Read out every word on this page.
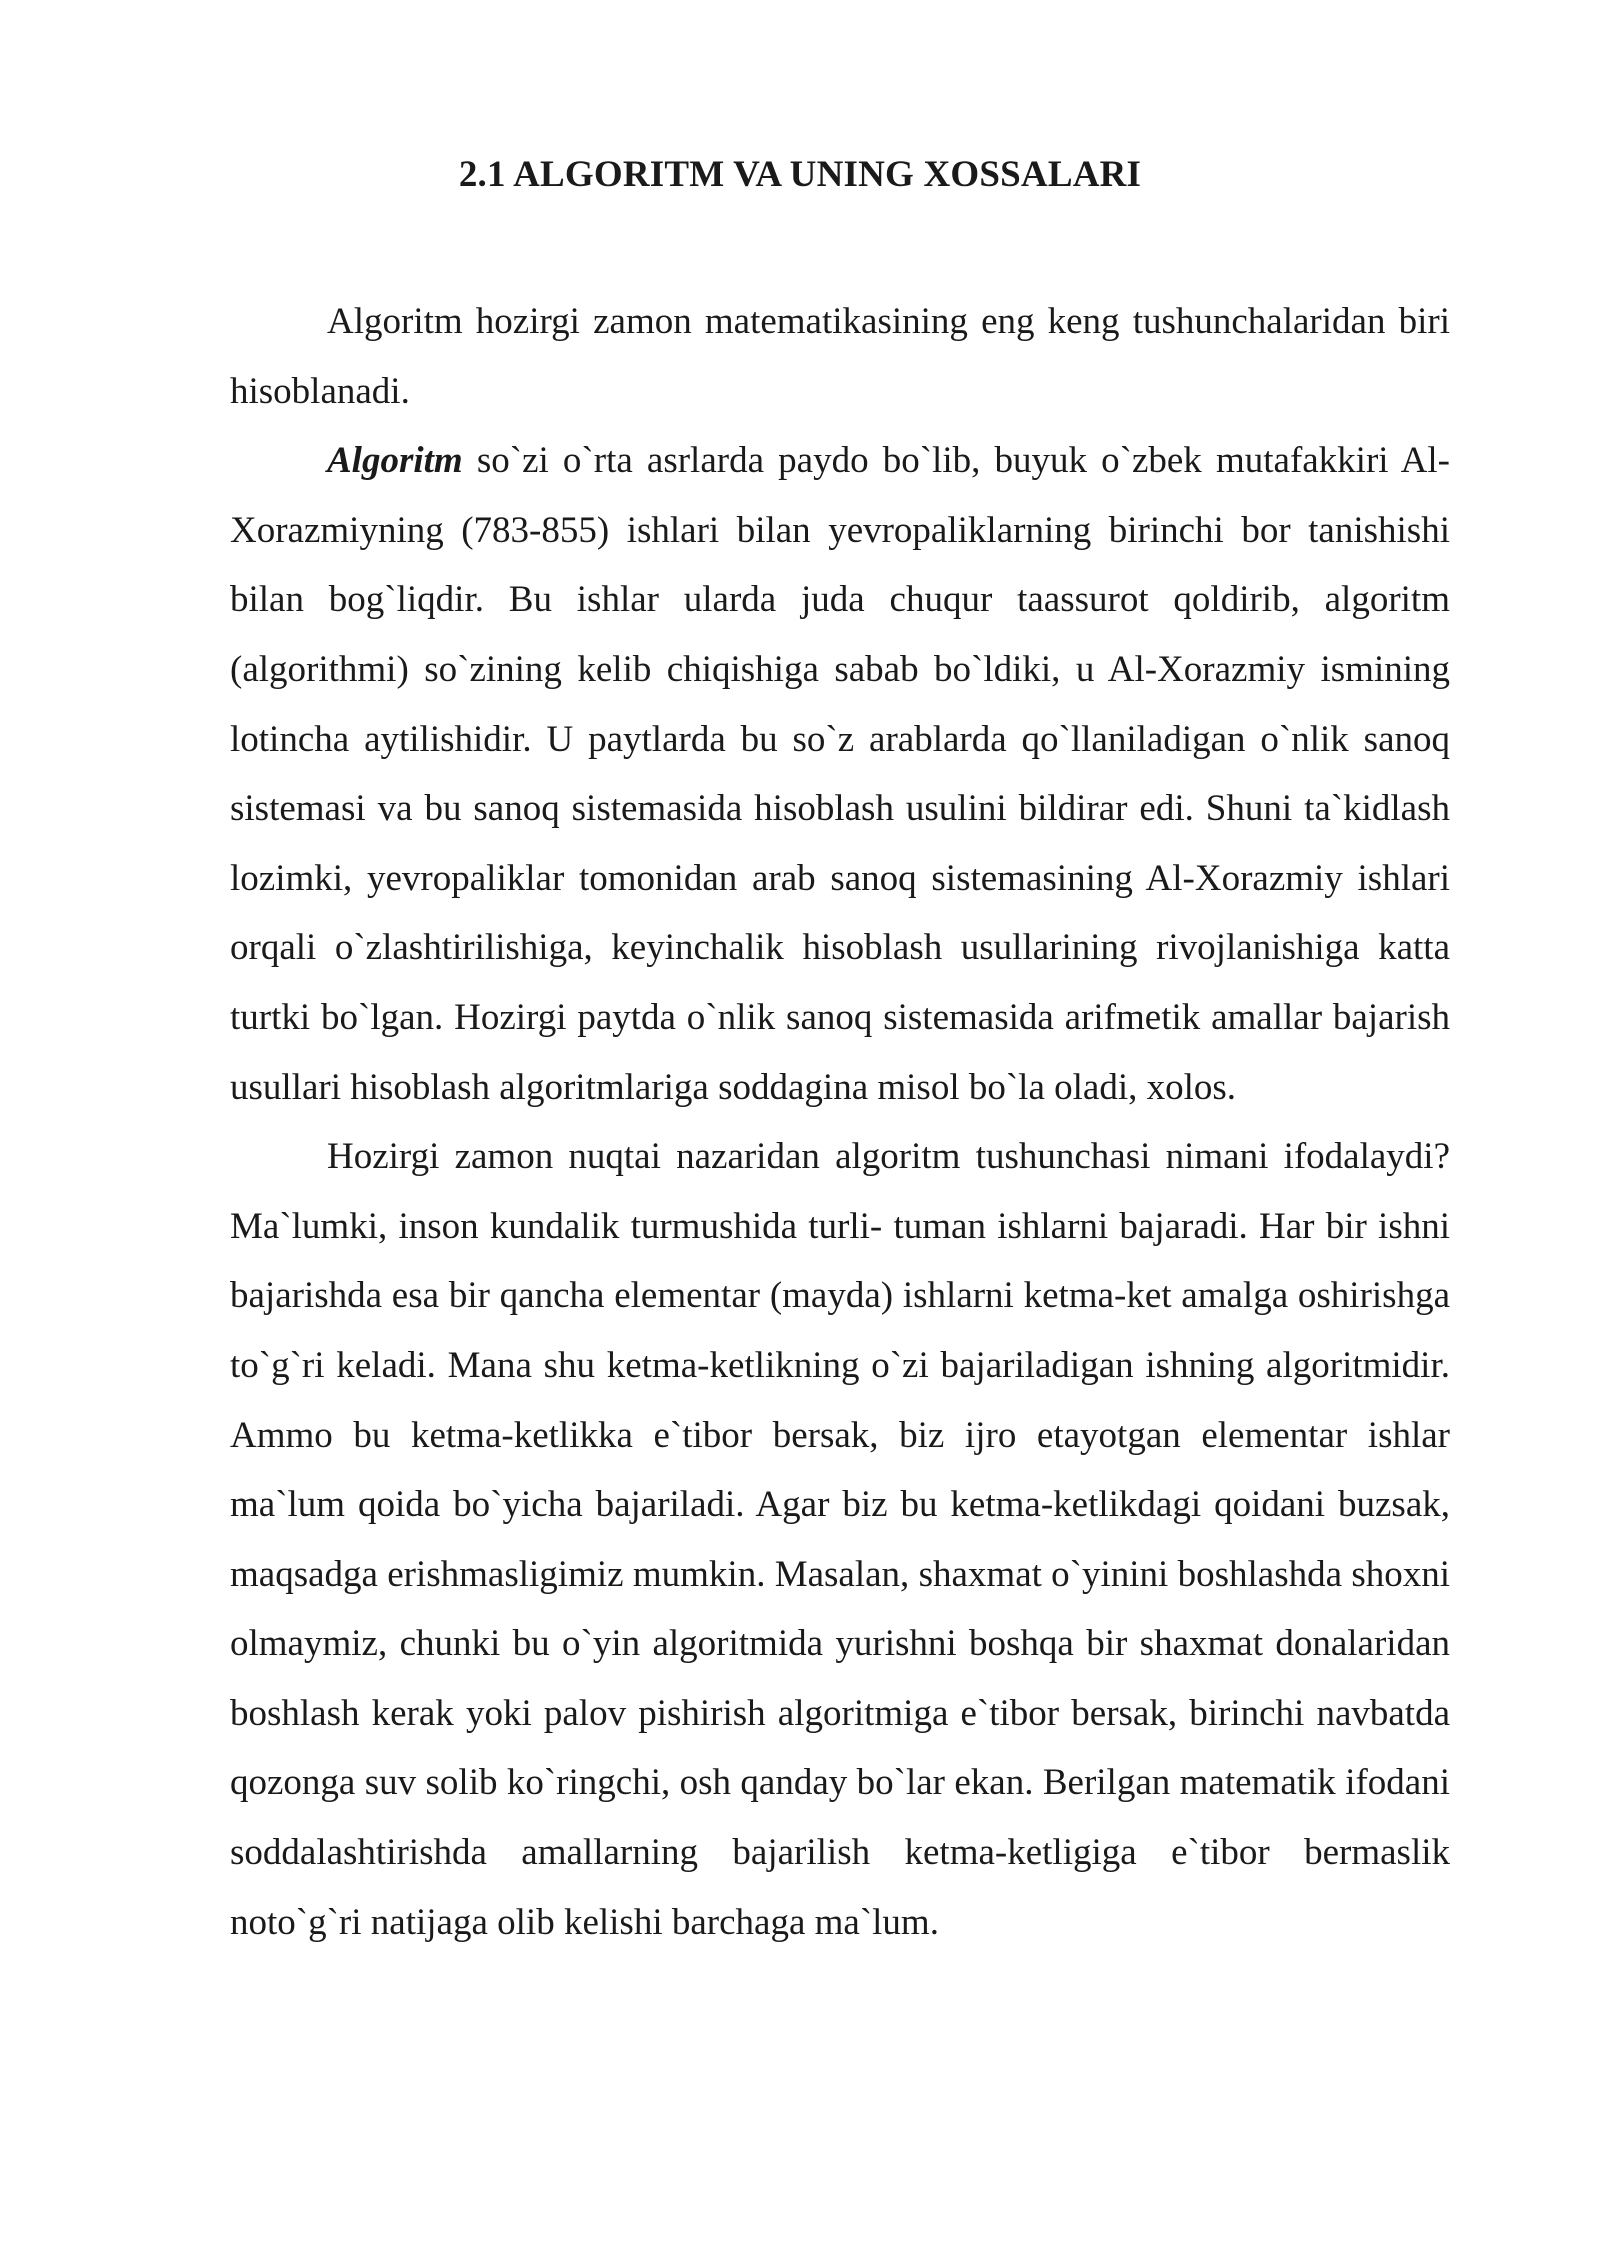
2.1 ALGORITM VA UNING XOSSALARI

Algoritm hozirgi zamon matematikasining eng keng tushunchalaridan biri hisoblanadi.

Algoritm so`zi o`rta asrlarda paydo bo`lib, buyuk o`zbek mutafakkiri Al-Xorazmiyning (783-855) ishlari bilan yevropaliklarning birinchi bor tanishishi bilan bog`liqdir. Bu ishlar ularda juda chuqur taassurot qoldirib, algoritm (algorithmi) so`zining kelib chiqishiga sabab bo`ldiki, u Al-Xorazmiy ismining lotincha aytilishidir. U paytlarda bu so`z arablarda qo`llaniladigan o`nlik sanoq sistemasi va bu sanoq sistemasida hisoblash usulini bildirar edi. Shuni ta`kidlash lozimki, yevropaliklar tomonidan arab sanoq sistemasining Al-Xorazmiy ishlari orqali o`zlashtirilishiga, keyinchalik hisoblash usullarining rivojlanishiga katta turtki bo`lgan. Hozirgi paytda o`nlik sanoq sistemasida arifmetik amallar bajarish usullari hisoblash algoritmlariga soddagina misol bo`la oladi, xolos.

Hozirgi zamon nuqtai nazaridan algoritm tushunchasi nimani ifodalaydi? Ma`lumki, inson kundalik turmushida turli- tuman ishlarni bajaradi. Har bir ishni bajarishda esa bir qancha elementar (mayda) ishlarni ketma-ket amalga oshirishga to`g`ri keladi. Mana shu ketma-ketlikning o`zi bajariladigan ishning algoritmidir. Ammo bu ketma-ketlikka e`tibor bersak, biz ijro etayotgan elementar ishlar ma`lum qoida bo`yicha bajariladi. Agar biz bu ketma-ketlikdagi qoidani buzsak, maqsadga erishmasligimiz mumkin. Masalan, shaxmat o`yinini boshlashda shoxni olmaymiz, chunki bu o`yin algoritmida yurishni boshqa bir shaxmat donalaridan boshlash kerak yoki palov pishirish algoritmiga e`tibor bersak, birinchi navbatda qozonga suv solib ko`ringchi, osh qanday bo`lar ekan. Berilgan matematik ifodani soddalashtirishda amallarning bajarilish ketma-ketligiga e`tibor bermaslik noto`g`ri natijaga olib kelishi barchaga ma`lum.
